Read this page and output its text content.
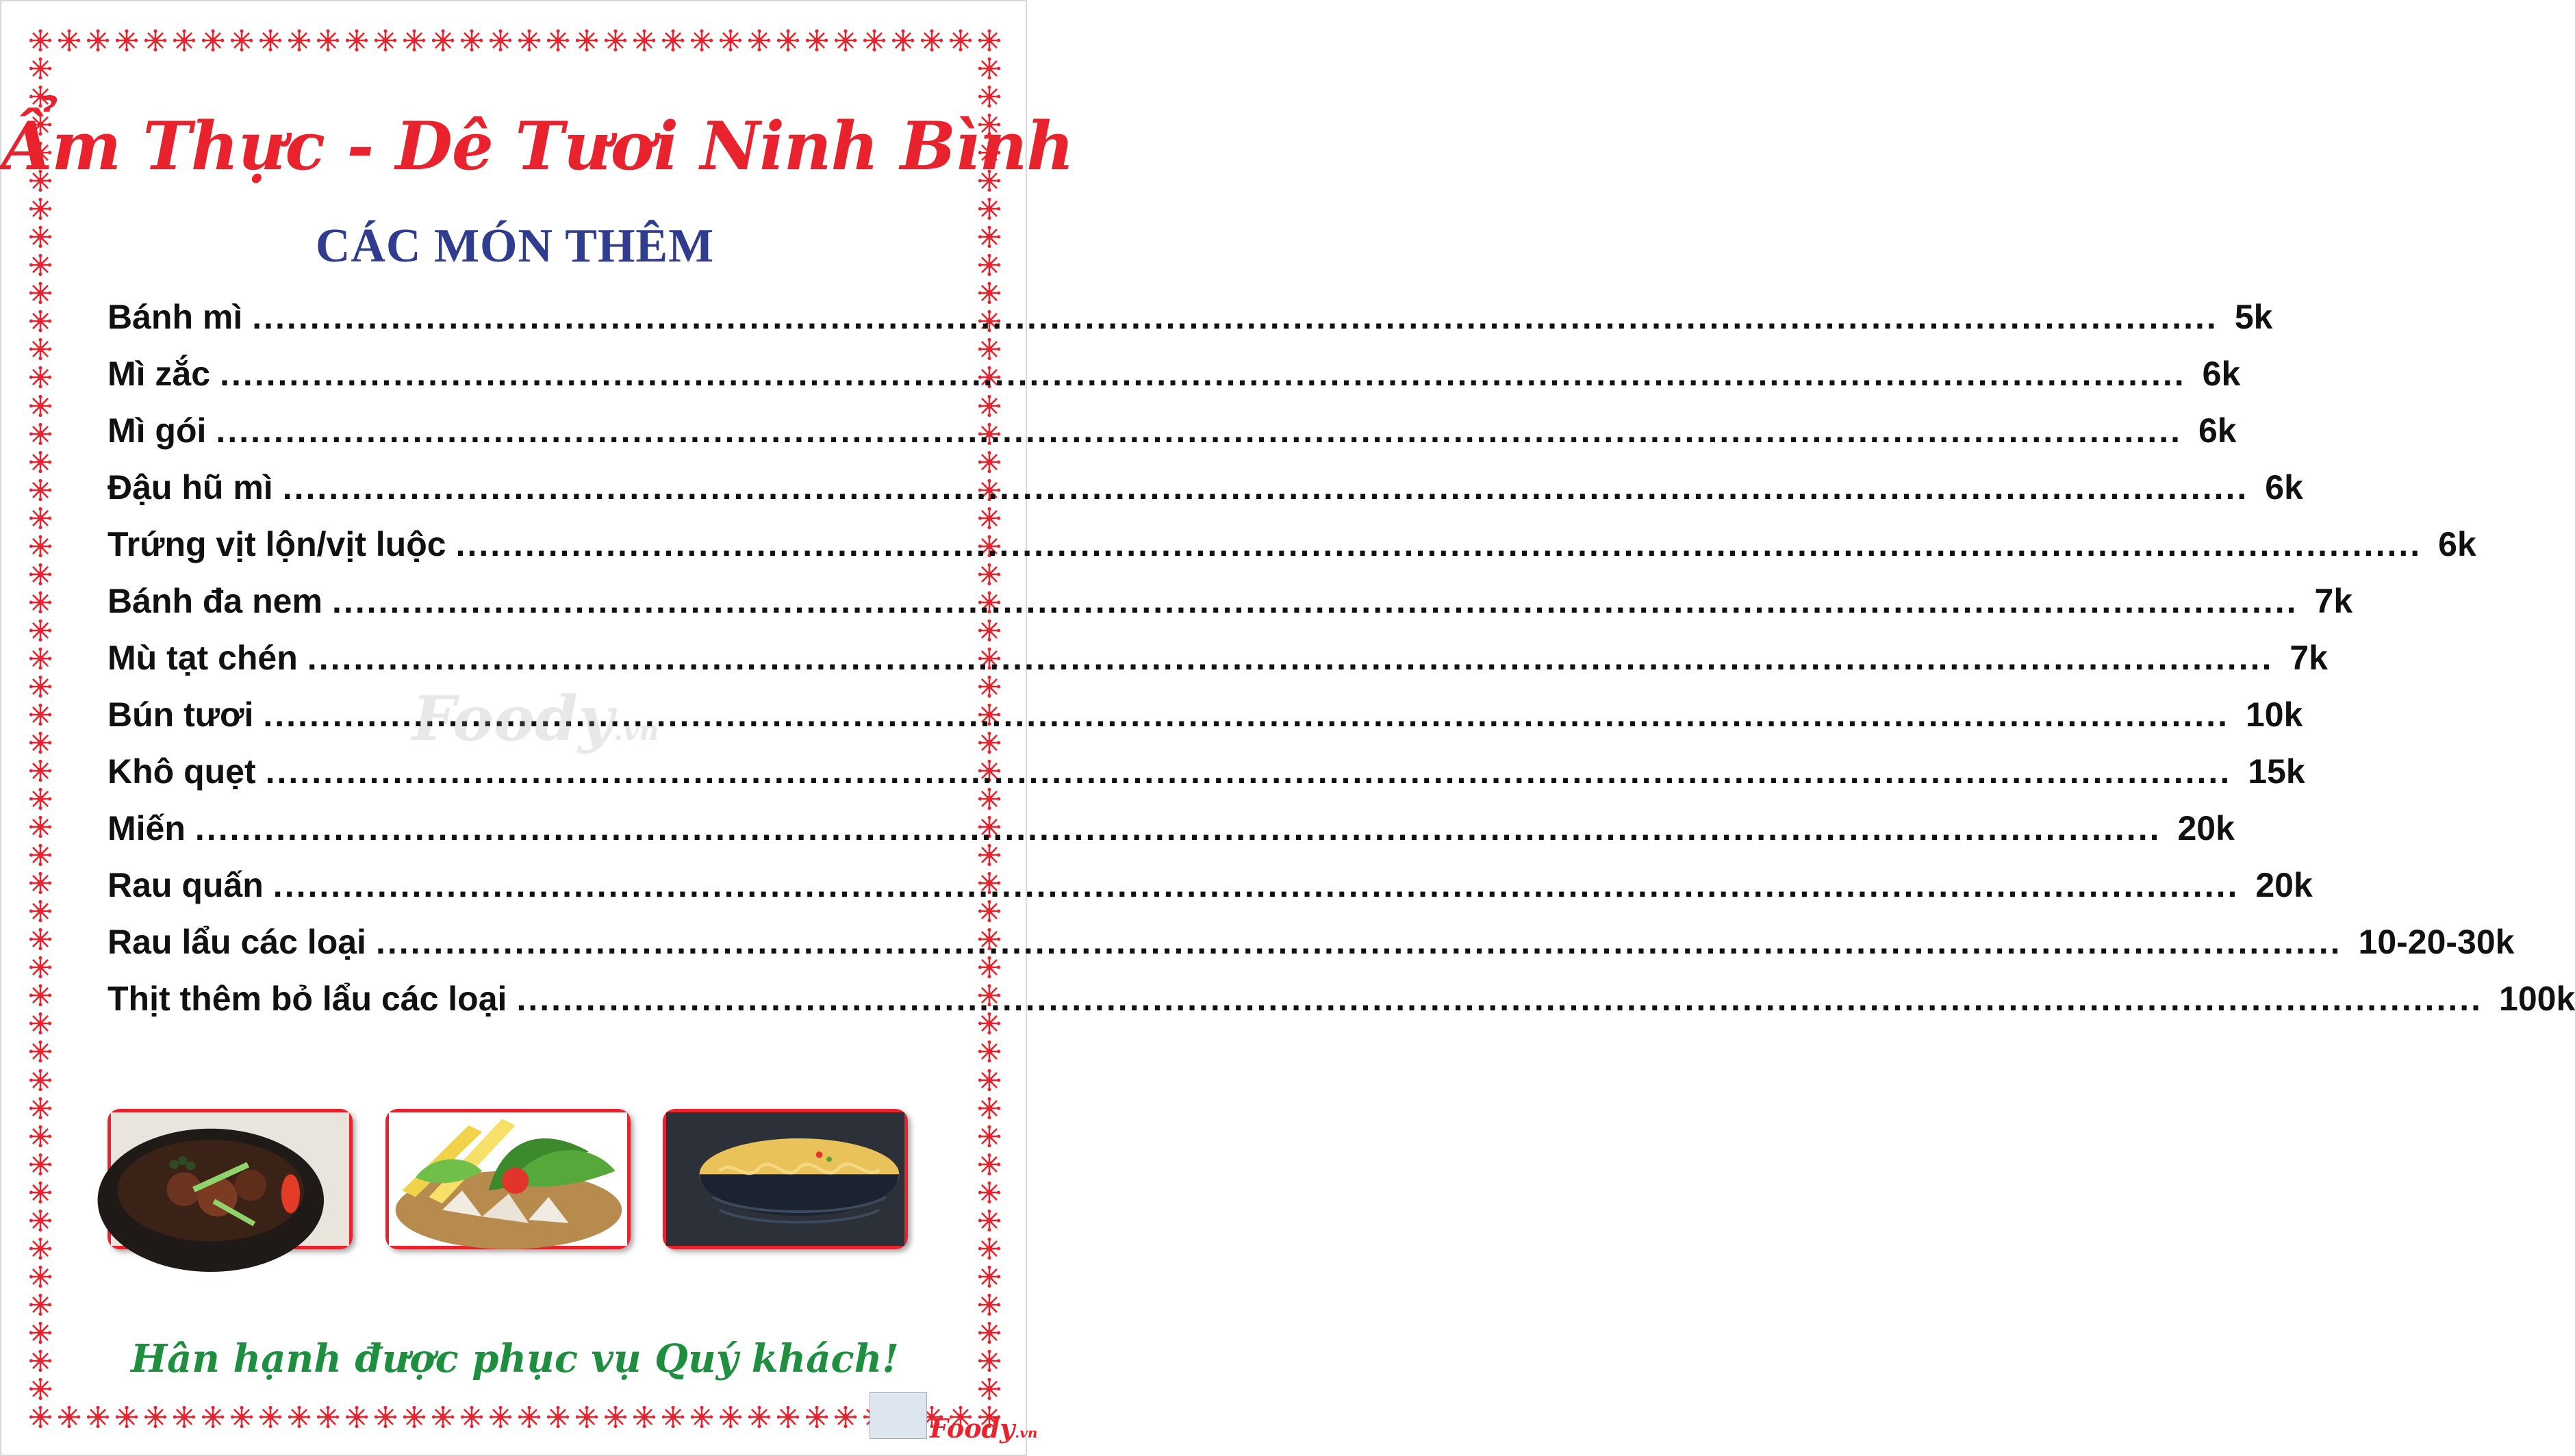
Ẩm Thực - Dê Tươi Ninh Bình
CÁC MÓN THÊM
Bánh mì .....	5k
Mì zắc .....	6k
Mì gói .....	6k
Đậu hũ mì .....	6k
Trứng vịt lộn/vịt luộc .....	6k
Bánh đa nem .....	7k
Mù tạt chén .....	7k
Bún tươi .....	10k
Khô quẹt .....	15k
Miến .....	20k
Rau quấn .....	20k
Rau lẩu các loại .....	10-20-30k
Thịt thêm bỏ lẩu các loại .....	100k
Foody.vn
Hân hạnh được phục vụ Quý khách!
Foody.vn
